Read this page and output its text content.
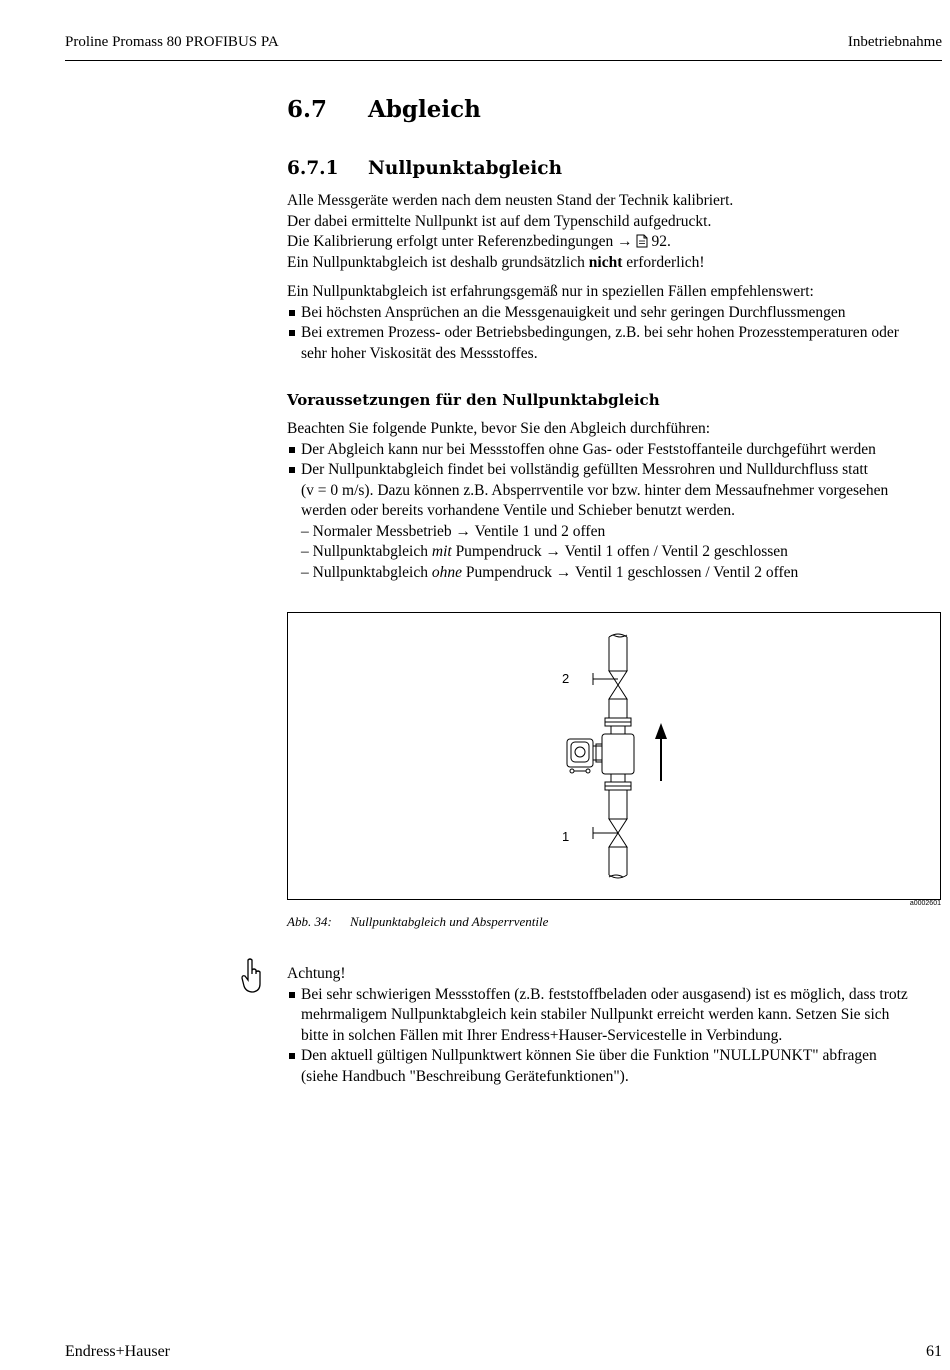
Proline Promass 80 PROFIBUS PA	Inbetriebnahme
6.7 Abgleich
6.7.1 Nullpunktabgleich
Alle Messgeräte werden nach dem neusten Stand der Technik kalibriert.
Der dabei ermittelte Nullpunkt ist auf dem Typenschild aufgedruckt.
Die Kalibrierung erfolgt unter Referenzbedingungen → 92.
Ein Nullpunktabgleich ist deshalb grundsätzlich nicht erforderlich!
Ein Nullpunktabgleich ist erfahrungsgemäß nur in speziellen Fällen empfehlenswert:
Bei höchsten Ansprüchen an die Messgenauigkeit und sehr geringen Durchflussmengen
Bei extremen Prozess- oder Betriebsbedingungen, z.B. bei sehr hohen Prozesstemperaturen oder
sehr hoher Viskosität des Messstoffes.
Voraussetzungen für den Nullpunktabgleich
Beachten Sie folgende Punkte, bevor Sie den Abgleich durchführen:
Der Abgleich kann nur bei Messstoffen ohne Gas- oder Feststoffanteile durchgeführt werden
Der Nullpunktabgleich findet bei vollständig gefüllten Messrohren und Nulldurchfluss statt
(v = 0 m/s). Dazu können z.B. Absperrventile vor bzw. hinter dem Messaufnehmer vorgesehen
werden oder bereits vorhandene Ventile und Schieber benutzt werden.
– Normaler Messbetrieb → Ventile 1 und 2 offen
– Nullpunktabgleich mit Pumpendruck → Ventil 1 offen / Ventil 2 geschlossen
– Nullpunktabgleich ohne Pumpendruck → Ventil 1 geschlossen / Ventil 2 offen
2
1
a0002601
Abb. 34: Nullpunktabgleich und Absperrventile
Achtung!
Bei sehr schwierigen Messstoffen (z.B. feststoffbeladen oder ausgasend) ist es möglich, dass trotz
mehrmaligem Nullpunktabgleich kein stabiler Nullpunkt erreicht werden kann. Setzen Sie sich
bitte in solchen Fällen mit Ihrer Endress+Hauser-Servicestelle in Verbindung.
Den aktuell gültigen Nullpunktwert können Sie über die Funktion "NULLPUNKT" abfragen
(siehe Handbuch "Beschreibung Gerätefunktionen").
Endress+Hauser	61
